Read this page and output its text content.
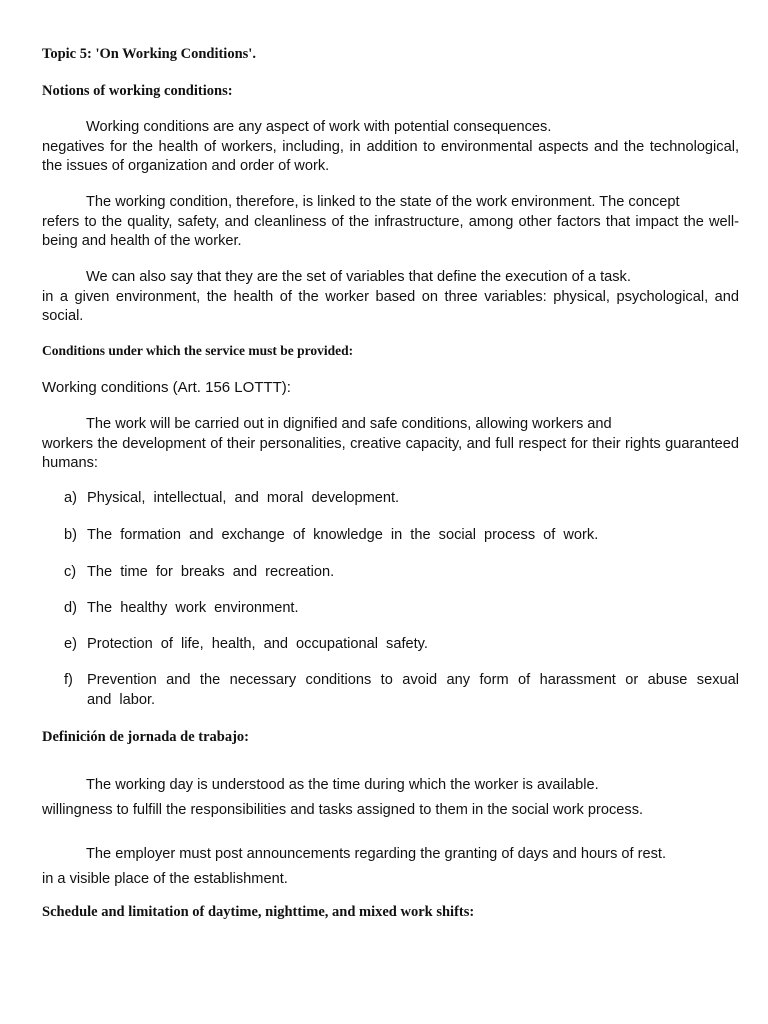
Topic 5: 'On Working Conditions'.
Notions of working conditions:
Working conditions are any aspect of work with potential consequences.
negatives for the health of workers, including, in addition to environmental aspects and the technological, the issues of organization and order of work.
The working condition, therefore, is linked to the state of the work environment. The concept
refers to the quality, safety, and cleanliness of the infrastructure, among other factors that impact the well-being and health of the worker.
We can also say that they are the set of variables that define the execution of a task.
in a given environment, the health of the worker based on three variables: physical, psychological, and social.
Conditions under which the service must be provided:
Working conditions (Art. 156 LOTTT):
The work will be carried out in dignified and safe conditions, allowing workers and
workers the development of their personalities, creative capacity, and full respect for their rights guaranteed humans:
a) Physical, intellectual, and moral development.
b) The formation and exchange of knowledge in the social process of work.
c) The time for breaks and recreation.
d) The healthy work environment.
e) Protection of life, health, and occupational safety.
f) Prevention and the necessary conditions to avoid any form of harassment or abuse sexual and labor.
Definición de jornada de trabajo:
The working day is understood as the time during which the worker is available.
willingness to fulfill the responsibilities and tasks assigned to them in the social work process.
The employer must post announcements regarding the granting of days and hours of rest.
in a visible place of the establishment.
Schedule and limitation of daytime, nighttime, and mixed work shifts:
